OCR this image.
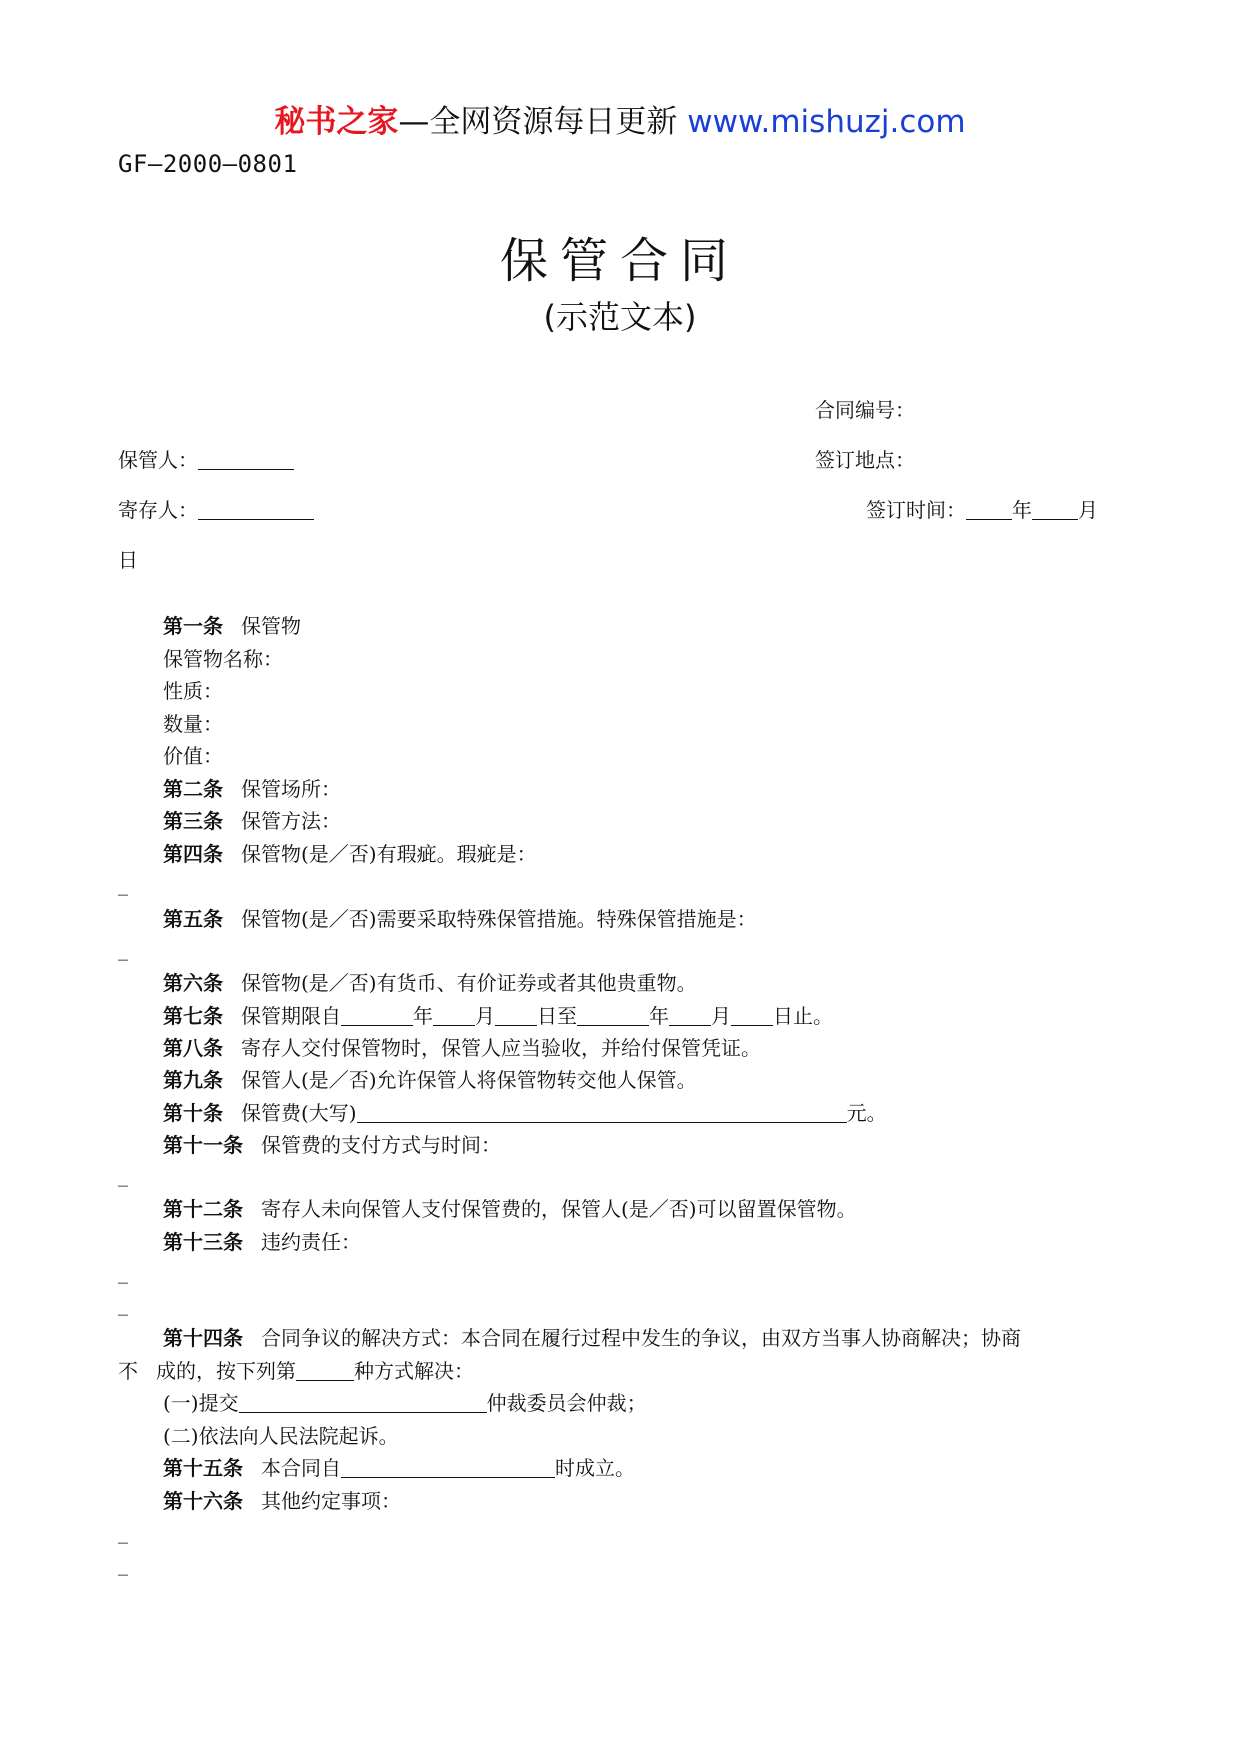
秘书之家—全网资源每日更新 www.mishuzj.com
GF—2000—0801
保管合同
(示范文本)
合同编号：
保管人：	签订地点：
寄存人：	签订时间： 年 月
日
第一条 保管物
保管物名称：
性质：
数量：
价值：
第二条 保管场所：
第三条 保管方法：
第四条 保管物(是／否)有瑕疵。瑕疵是：
_
第五条 保管物(是／否)需要采取特殊保管措施。特殊保管措施是：
_
第六条 保管物(是／否)有货币、有价证券或者其他贵重物。
第七条 保管期限自	年 月 日至	年 月 日止。
第八条 寄存人交付保管物时，保管人应当验收，并给付保管凭证。
第九条 保管人(是／否)允许保管人将保管物转交他人保管。
第十条 保管费(大写)	元。
第十一条 保管费的支付方式与时间：
_
第十二条 寄存人未向保管人支付保管费的，保管人(是／否)可以留置保管物。
第十三条 违约责任：
_
_
第十四条 合同争议的解决方式：本合同在履行过程中发生的争议，由双方当事人协商解决；协商
不 成的，按下列第	种方式解决：
(一)提交	仲裁委员会仲裁；
(二)依法向人民法院起诉。
第十五条 本合同自	时成立。
第十六条 其他约定事项：
_
_
